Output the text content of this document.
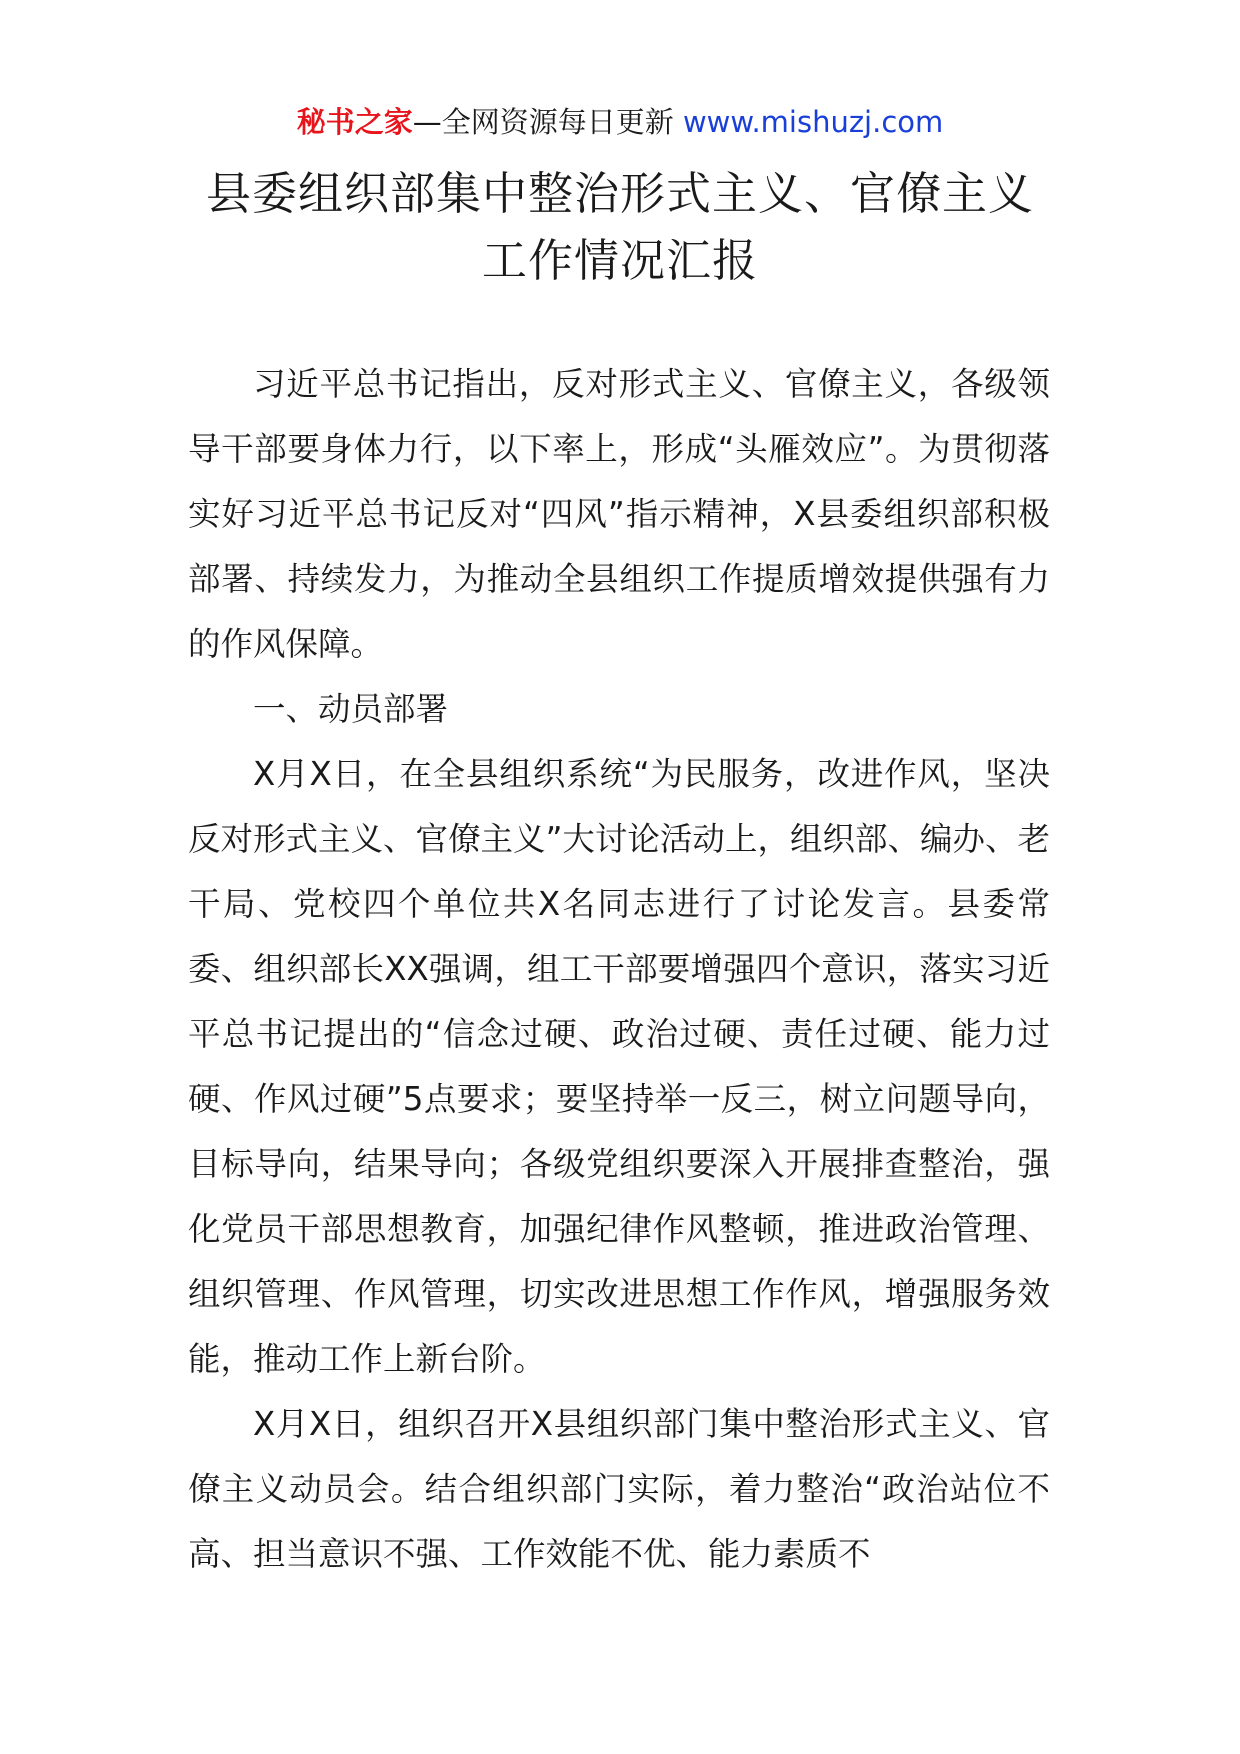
秘书之家—全网资源每日更新 www.mishuzj.com
县委组织部集中整治形式主义、官僚主义
工作情况汇报

习近平总书记指出，反对形式主义、官僚主义，各级领导干部要身体力行，以下率上，形成“头雁效应”。为贯彻落实好习近平总书记反对“四风”指示精神，X县委组织部积极部署、持续发力，为推动全县组织工作提质增效提供强有力的作风保障。

一、动员部署

X月X日，在全县组织系统“为民服务，改进作风，坚决反对形式主义、官僚主义”大讨论活动上，组织部、编办、老干局、党校四个单位共X名同志进行了讨论发言。县委常委、组织部长XX强调，组工干部要增强四个意识，落实习近平总书记提出的“信念过硬、政治过硬、责任过硬、能力过硬、作风过硬”5点要求；要坚持举一反三，树立问题导向，目标导向，结果导向；各级党组织要深入开展排查整治，强化党员干部思想教育，加强纪律作风整顿，推进政治管理、组织管理、作风管理，切实改进思想工作作风，增强服务效能，推动工作上新台阶。

X月X日，组织召开X县组织部门集中整治形式主义、官僚主义动员会。结合组织部门实际，着力整治“政治站位不高、担当意识不强、工作效能不优、能力素质不
